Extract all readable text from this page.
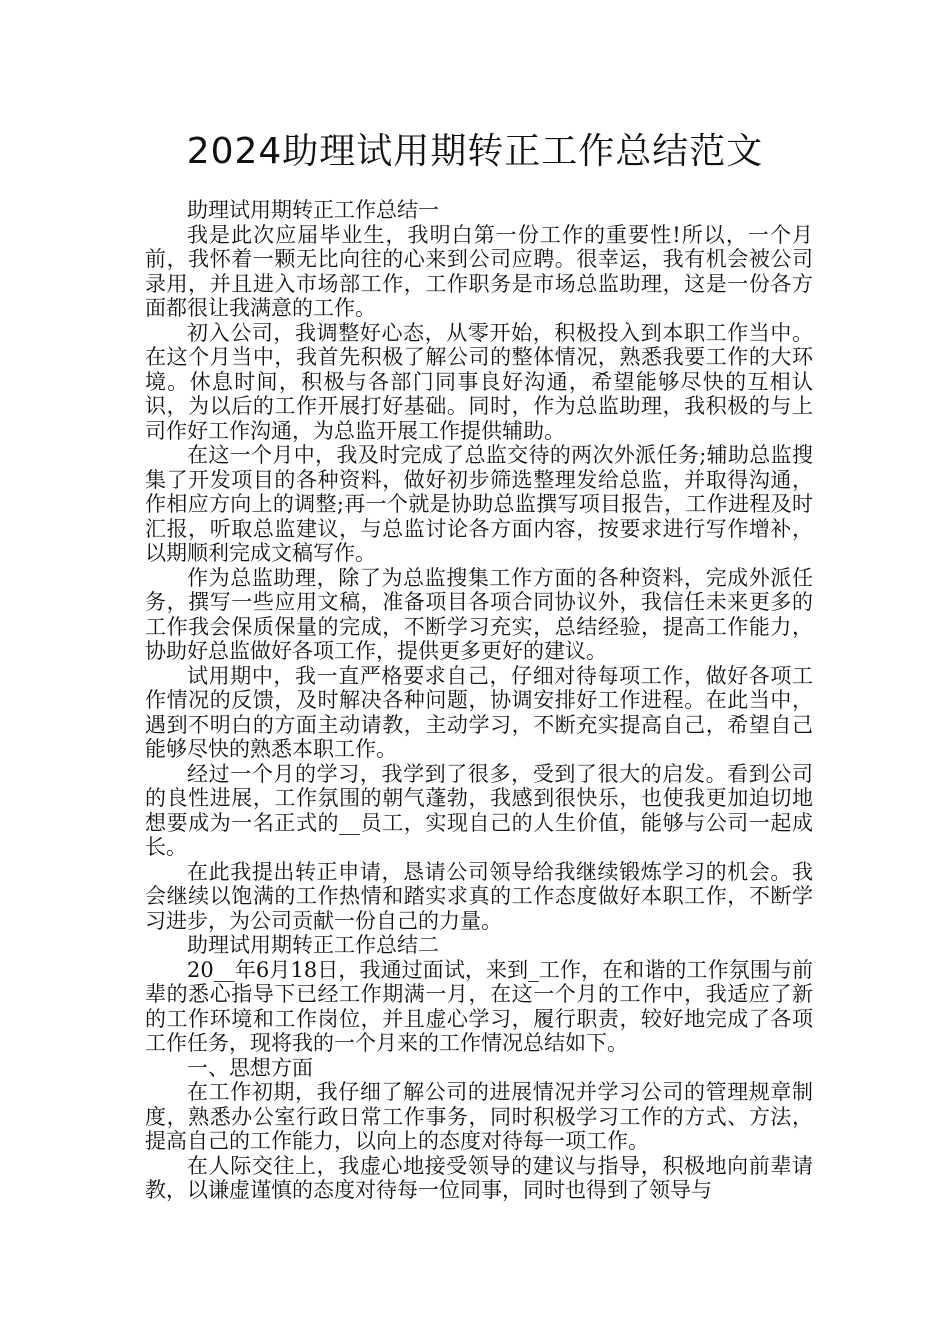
2024助理试用期转正工作总结范文

助理试用期转正工作总结一

我是此次应届毕业生，我明白第一份工作的重要性!所以，一个月前，我怀着一颗无比向往的心来到公司应聘。很幸运，我有机会被公司录用，并且进入市场部工作，工作职务是市场总监助理，这是一份各方面都很让我满意的工作。

初入公司，我调整好心态，从零开始，积极投入到本职工作当中。在这个月当中，我首先积极了解公司的整体情况，熟悉我要工作的大环境。休息时间，积极与各部门同事良好沟通，希望能够尽快的互相认识，为以后的工作开展打好基础。同时，作为总监助理，我积极的与上司作好工作沟通，为总监开展工作提供辅助。

在这一个月中，我及时完成了总监交待的两次外派任务;辅助总监搜集了开发项目的各种资料，做好初步筛选整理发给总监，并取得沟通，作相应方向上的调整;再一个就是协助总监撰写项目报告，工作进程及时汇报，听取总监建议，与总监讨论各方面内容，按要求进行写作增补，以期顺利完成文稿写作。

作为总监助理，除了为总监搜集工作方面的各种资料，完成外派任务，撰写一些应用文稿，准备项目各项合同协议外，我信任未来更多的工作我会保质保量的完成，不断学习充实，总结经验，提高工作能力，协助好总监做好各项工作，提供更多更好的建议。

试用期中，我一直严格要求自己，仔细对待每项工作，做好各项工作情况的反馈，及时解决各种问题，协调安排好工作进程。在此当中，遇到不明白的方面主动请教，主动学习，不断充实提高自己，希望自己能够尽快的熟悉本职工作。

经过一个月的学习，我学到了很多，受到了很大的启发。看到公司的良性进展，工作氛围的朝气蓬勃，我感到很快乐，也使我更加迫切地想要成为一名正式的__员工，实现自己的人生价值，能够与公司一起成长。

在此我提出转正申请，恳请公司领导给我继续锻炼学习的机会。我会继续以饱满的工作热情和踏实求真的工作态度做好本职工作，不断学习进步，为公司贡献一份自己的力量。

助理试用期转正工作总结二

20__年6月18日，我通过面试，来到_工作，在和谐的工作氛围与前辈的悉心指导下已经工作期满一月，在这一个月的工作中，我适应了新的工作环境和工作岗位，并且虚心学习，履行职责，较好地完成了各项工作任务，现将我的一个月来的工作情况总结如下。

一、思想方面

在工作初期，我仔细了解公司的进展情况并学习公司的管理规章制度，熟悉办公室行政日常工作事务，同时积极学习工作的方式、方法，提高自己的工作能力，以向上的态度对待每一项工作。

在人际交往上，我虚心地接受领导的建议与指导，积极地向前辈请教，以谦虚谨慎的态度对待每一位同事，同时也得到了领导与
